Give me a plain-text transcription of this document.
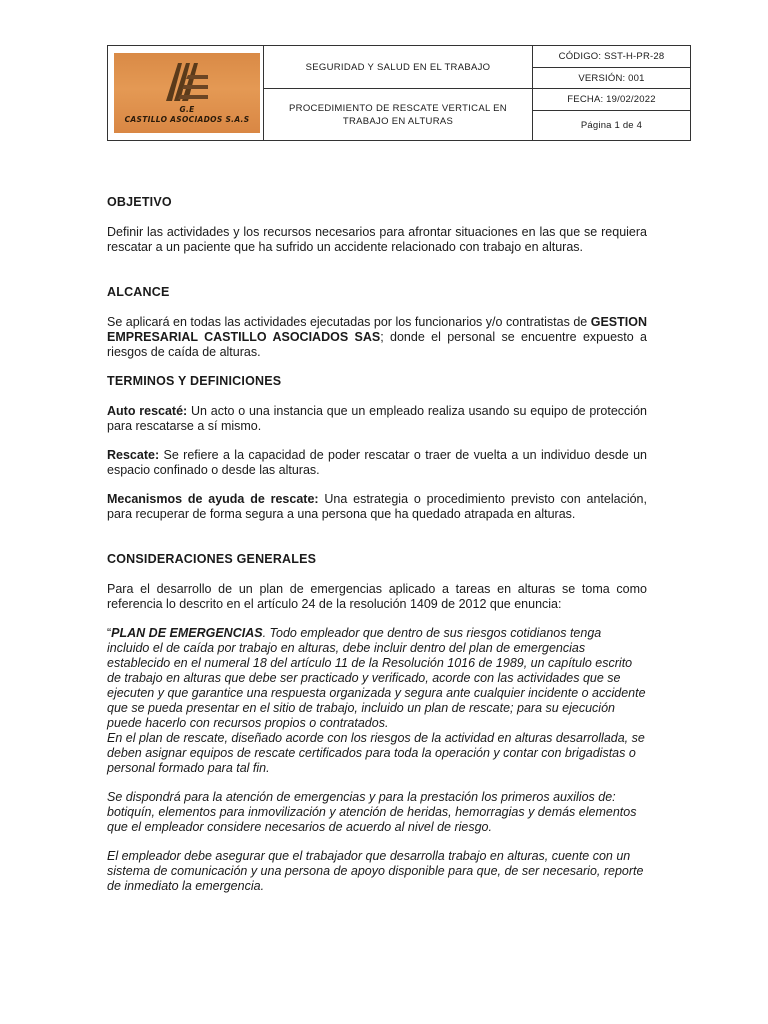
G.E
CASTILLO ASOCIADOS S.A.S
SEGURIDAD Y SALUD EN EL TRABAJO
PROCEDIMIENTO DE RESCATE VERTICAL EN TRABAJO EN ALTURAS
CÓDIGO: SST-H-PR-28
VERSIÓN: 001
FECHA: 19/02/2022
Página 1 de 4
OBJETIVO
Definir las actividades y los recursos necesarios para afrontar situaciones en las que se requiera rescatar a un paciente que ha sufrido un accidente relacionado con trabajo en alturas.
ALCANCE
Se aplicará en todas las actividades ejecutadas por los funcionarios y/o contratistas de GESTION EMPRESARIAL CASTILLO ASOCIADOS SAS; donde el personal se encuentre expuesto a riesgos de caída de alturas.
TERMINOS Y DEFINICIONES
Auto rescaté: Un acto o una instancia que un empleado realiza usando su equipo de protección para rescatarse a sí mismo.
Rescate: Se refiere a la capacidad de poder rescatar o traer de vuelta a un individuo desde un espacio confinado o desde las alturas.
Mecanismos de ayuda de rescate: Una estrategia o procedimiento previsto con antelación, para recuperar de forma segura a una persona que ha quedado atrapada en alturas.
CONSIDERACIONES GENERALES
Para el desarrollo de un plan de emergencias aplicado a tareas en alturas se toma como referencia lo descrito en el artículo 24 de la resolución 1409 de 2012 que enuncia:
“PLAN DE EMERGENCIAS. Todo empleador que dentro de sus riesgos cotidianos tenga incluido el de caída por trabajo en alturas, debe incluir dentro del plan de emergencias establecido en el numeral 18 del artículo 11 de la Resolución 1016 de 1989, un capítulo escrito de trabajo en alturas que debe ser practicado y verificado, acorde con las actividades que se ejecuten y que garantice una respuesta organizada y segura ante cualquier incidente o accidente que se pueda presentar en el sitio de trabajo, incluido un plan de rescate; para su ejecución puede hacerlo con recursos propios o contratados.
En el plan de rescate, diseñado acorde con los riesgos de la actividad en alturas desarrollada, se deben asignar equipos de rescate certificados para toda la operación y contar con brigadistas o personal formado para tal fin.
Se dispondrá para la atención de emergencias y para la prestación los primeros auxilios de: botiquín, elementos para inmovilización y atención de heridas, hemorragias y demás elementos que el empleador considere necesarios de acuerdo al nivel de riesgo.
El empleador debe asegurar que el trabajador que desarrolla trabajo en alturas, cuente con un sistema de comunicación y una persona de apoyo disponible para que, de ser necesario, reporte de inmediato la emergencia.
